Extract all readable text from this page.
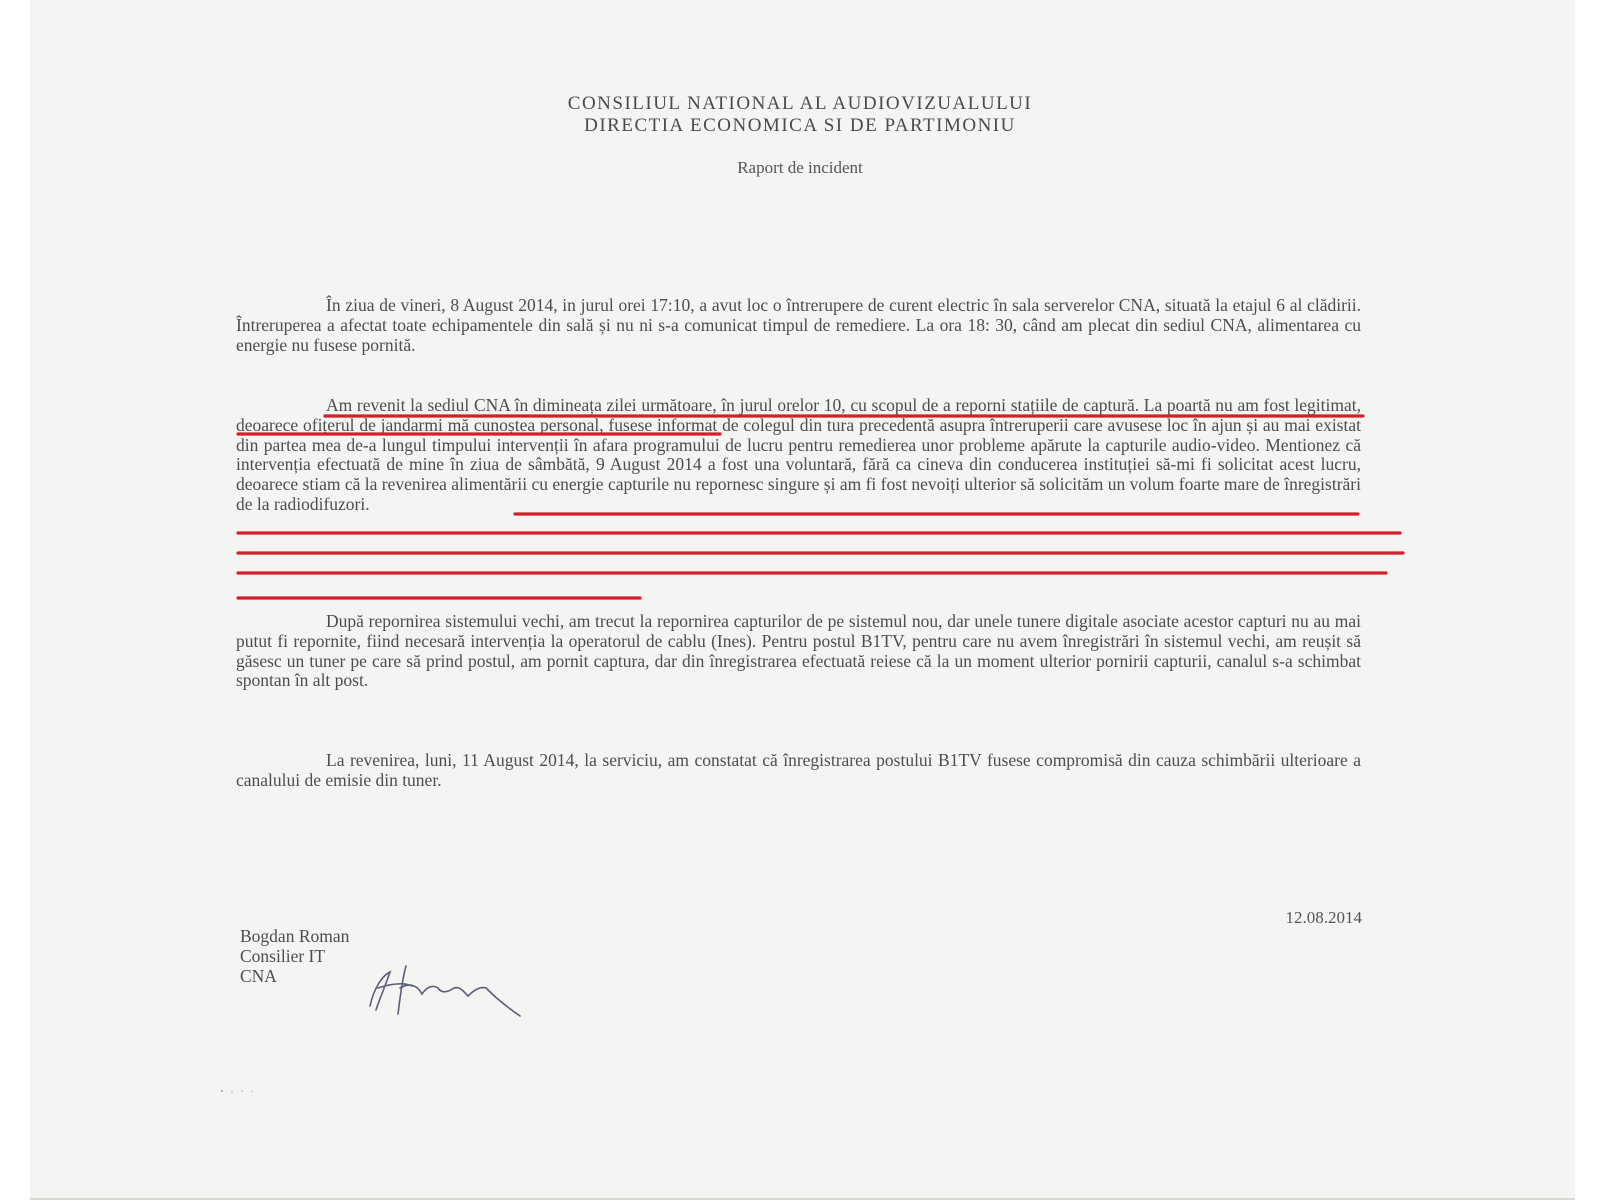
CONSILIUL NATIONAL AL AUDIOVIZUALULUI
DIRECTIA ECONOMICA SI DE PARTIMONIU
Raport de incident

În ziua de vineri, 8 August 2014, in jurul orei 17:10, a avut loc o întrerupere de curent electric în sala serverelor CNA, situată la etajul 6 al clădirii. Întreruperea a afectat toate echipamentele din sală și nu ni s-a comunicat timpul de remediere. La ora 18: 30, când am plecat din sediul CNA, alimentarea cu energie nu fusese pornită.

Am revenit la sediul CNA în dimineața zilei următoare, în jurul orelor 10, cu scopul de a reporni stațiile de captură. La poartă nu am fost legitimat, deoarece ofițerul de jandarmi mă cunoștea personal, fusese informat de colegul din tura precedentă asupra întreruperii care avusese loc în ajun și au mai existat din partea mea de-a lungul timpului intervenții în afara programului de lucru pentru remedierea unor probleme apărute la capturile audio-video. Mentionez că intervenția efectuată de mine în ziua de sâmbătă, 9 August 2014 a fost una voluntară, fără ca cineva din conducerea instituției să-mi fi solicitat acest lucru, deoarece stiam că la revenirea alimentării cu energie capturile nu repornesc singure și am fi fost nevoiți ulterior să solicităm un volum foarte mare de înregistrări de la radiodifuzori.

După repornirea sistemului vechi, am trecut la repornirea capturilor de pe sistemul nou, dar unele tunere digitale asociate acestor capturi nu au mai putut fi repornite, fiind necesară intervenția la operatorul de cablu (Ines). Pentru postul B1TV, pentru care nu avem înregistrări în sistemul vechi, am reușit să găsesc un tuner pe care să prind postul, am pornit captura, dar din înregistrarea efectuată reiese că la un moment ulterior pornirii capturii, canalul s-a schimbat spontan în alt post.

La revenirea, luni, 11 August 2014, la serviciu, am constatat că înregistrarea postului B1TV fusese compromisă din cauza schimbării ulterioare a canalului de emisie din tuner.

12.08.2014
Bogdan Roman
Consilier IT
CNA
